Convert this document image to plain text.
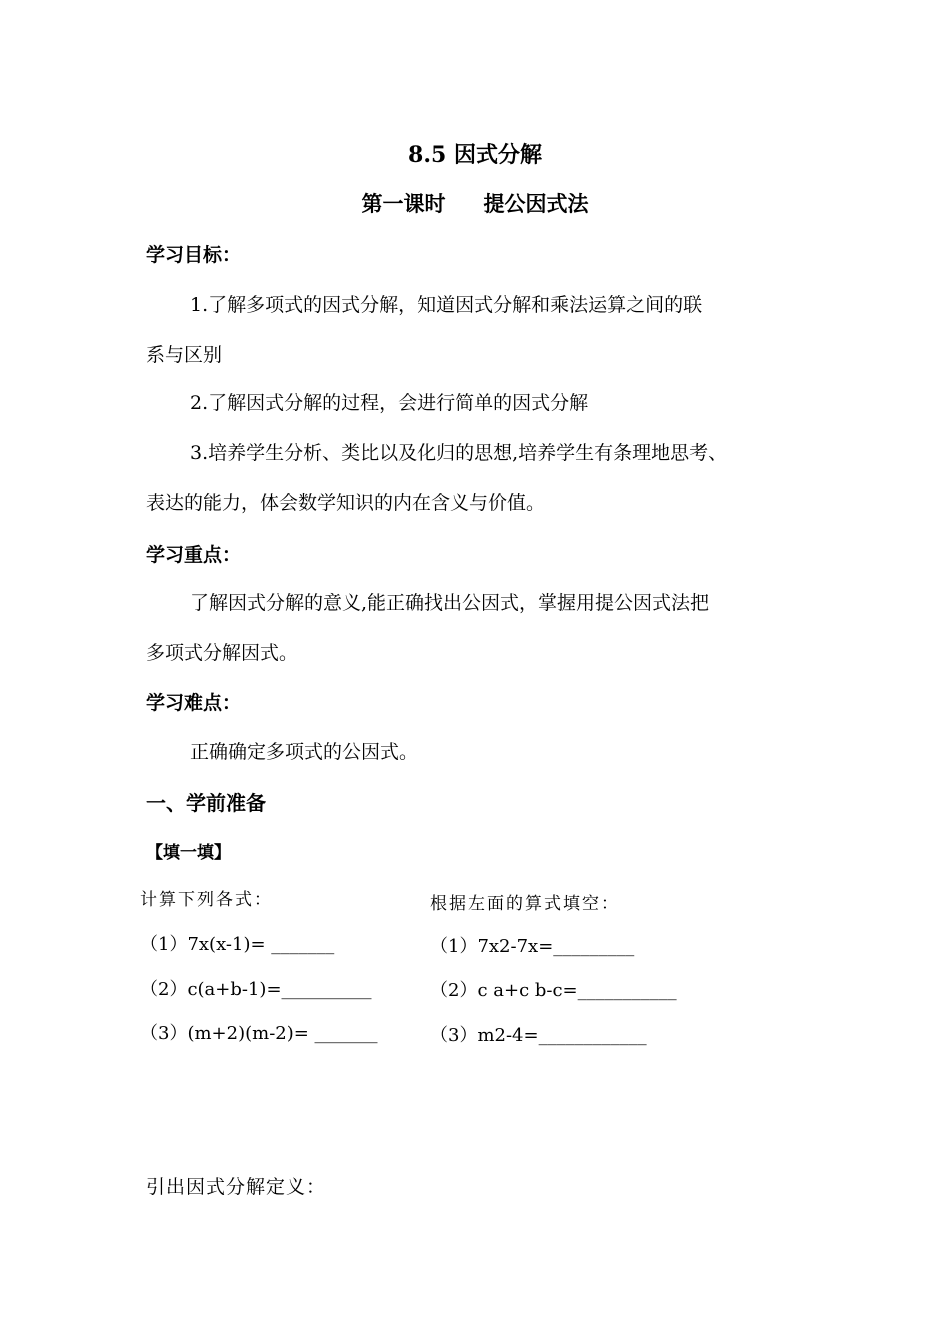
8.5 因式分解
第一课时 提公因式法
学习目标：
1.了解多项式的因式分解，知道因式分解和乘法运算之间的联
系与区别
2.了解因式分解的过程，会进行简单的因式分解
3.培养学生分析、类比以及化归的思想,培养学生有条理地思考、
表达的能力，体会数学知识的内在含义与价值。
学习重点：
了解因式分解的意义,能正确找出公因式，掌握用提公因式法把
多项式分解因式。
学习难点：
正确确定多项式的公因式。
一、学前准备
【填一填】
计算下列各式：	根据左面的算式填空：
（1）7x(x-1)= _______
（2）c(a+b-1)=__________
（3）(m+2)(m-2)= _______
（1）7x2-7x=_________
（2）c a+c b-c=___________
（3）m2-4=____________
引出因式分解定义：
